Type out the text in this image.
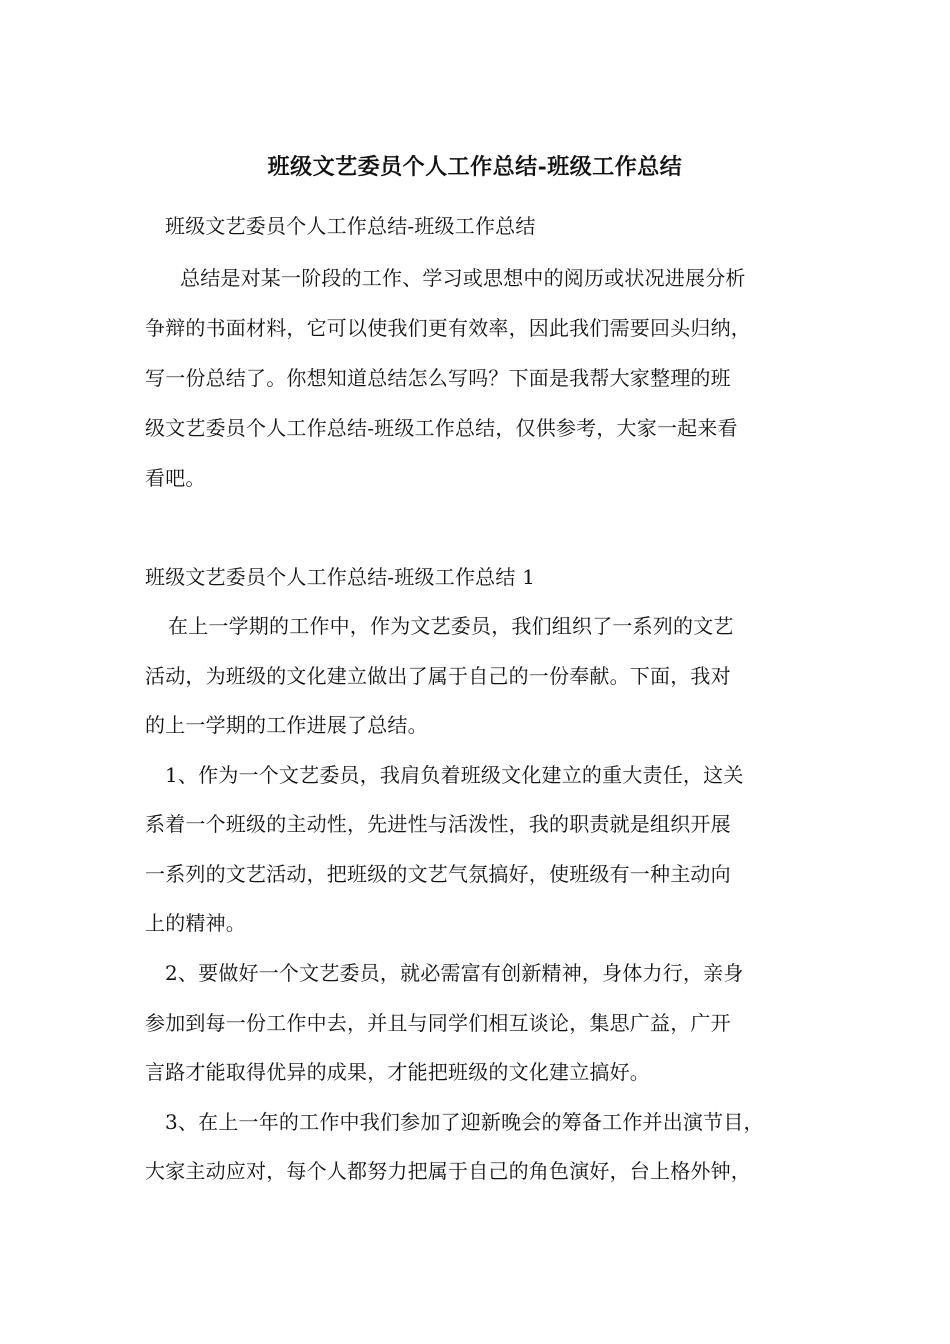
班级文艺委员个人工作总结-班级工作总结

班级文艺委员个人工作总结-班级工作总结

总结是对某一阶段的工作、学习或思想中的阅历或状况进展分析

争辩的书面材料，它可以使我们更有效率，因此我们需要回头归纳，

写一份总结了。你想知道总结怎么写吗？下面是我帮大家整理的班

级文艺委员个人工作总结-班级工作总结，仅供参考，大家一起来看

看吧。

班级文艺委员个人工作总结-班级工作总结 1

在上一学期的工作中，作为文艺委员，我们组织了一系列的文艺

活动，为班级的文化建立做出了属于自己的一份奉献。下面，我对

的上一学期的工作进展了总结。

1、作为一个文艺委员，我肩负着班级文化建立的重大责任，这关

系着一个班级的主动性，先进性与活泼性，我的职责就是组织开展

一系列的文艺活动，把班级的文艺气氛搞好，使班级有一种主动向

上的精神。

2、要做好一个文艺委员，就必需富有创新精神，身体力行，亲身

参加到每一份工作中去，并且与同学们相互谈论，集思广益，广开

言路才能取得优异的成果，才能把班级的文化建立搞好。

3、在上一年的工作中我们参加了迎新晚会的筹备工作并出演节目，

大家主动应对，每个人都努力把属于自己的角色演好，台上格外钟，
